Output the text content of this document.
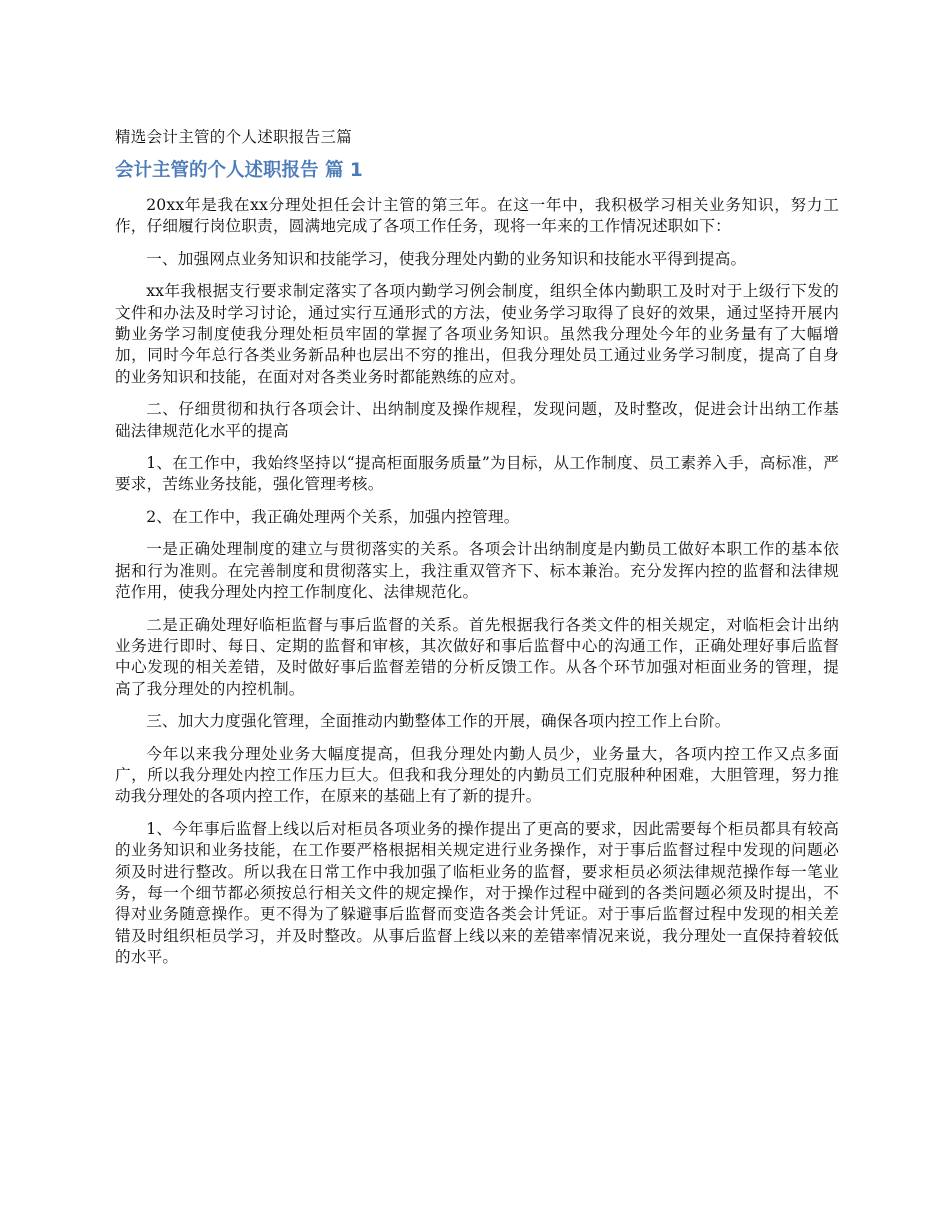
精选会计主管的个人述职报告三篇
会计主管的个人述职报告 篇 1

20xx年是我在xx分理处担任会计主管的第三年。在这一年中，我积极学习相关业务知识，努力工作，仔细履行岗位职责，圆满地完成了各项工作任务，现将一年来的工作情况述职如下：

一、加强网点业务知识和技能学习，使我分理处内勤的业务知识和技能水平得到提高。

xx年我根据支行要求制定落实了各项内勤学习例会制度，组织全体内勤职工及时对于上级行下发的文件和办法及时学习讨论，通过实行互通形式的方法，使业务学习取得了良好的效果，通过坚持开展内勤业务学习制度使我分理处柜员牢固的掌握了各项业务知识。虽然我分理处今年的业务量有了大幅增加，同时今年总行各类业务新品种也层出不穷的推出，但我分理处员工通过业务学习制度，提高了自身的业务知识和技能，在面对对各类业务时都能熟练的应对。

二、仔细贯彻和执行各项会计、出纳制度及操作规程，发现问题，及时整改，促进会计出纳工作基础法律规范化水平的提高

1、在工作中，我始终坚持以“提高柜面服务质量”为目标，从工作制度、员工素养入手，高标准，严要求，苦练业务技能，强化管理考核。

2、在工作中，我正确处理两个关系，加强内控管理。

一是正确处理制度的建立与贯彻落实的关系。各项会计出纳制度是内勤员工做好本职工作的基本依据和行为准则。在完善制度和贯彻落实上，我注重双管齐下、标本兼治。充分发挥内控的监督和法律规范作用，使我分理处内控工作制度化、法律规范化。

二是正确处理好临柜监督与事后监督的关系。首先根据我行各类文件的相关规定，对临柜会计出纳业务进行即时、每日、定期的监督和审核，其次做好和事后监督中心的沟通工作，正确处理好事后监督中心发现的相关差错，及时做好事后监督差错的分析反馈工作。从各个环节加强对柜面业务的管理，提高了我分理处的内控机制。

三、加大力度强化管理，全面推动内勤整体工作的开展，确保各项内控工作上台阶。

今年以来我分理处业务大幅度提高，但我分理处内勤人员少，业务量大，各项内控工作又点多面广，所以我分理处内控工作压力巨大。但我和我分理处的内勤员工们克服种种困难，大胆管理，努力推动我分理处的各项内控工作，在原来的基础上有了新的提升。

1、今年事后监督上线以后对柜员各项业务的操作提出了更高的要求，因此需要每个柜员都具有较高的业务知识和业务技能，在工作要严格根据相关规定进行业务操作，对于事后监督过程中发现的问题必须及时进行整改。所以我在日常工作中我加强了临柜业务的监督，要求柜员必须法律规范操作每一笔业务，每一个细节都必须按总行相关文件的规定操作，对于操作过程中碰到的各类问题必须及时提出，不得对业务随意操作。更不得为了躲避事后监督而变造各类会计凭证。对于事后监督过程中发现的相关差错及时组织柜员学习，并及时整改。从事后监督上线以来的差错率情况来说，我分理处一直保持着较低的水平。
